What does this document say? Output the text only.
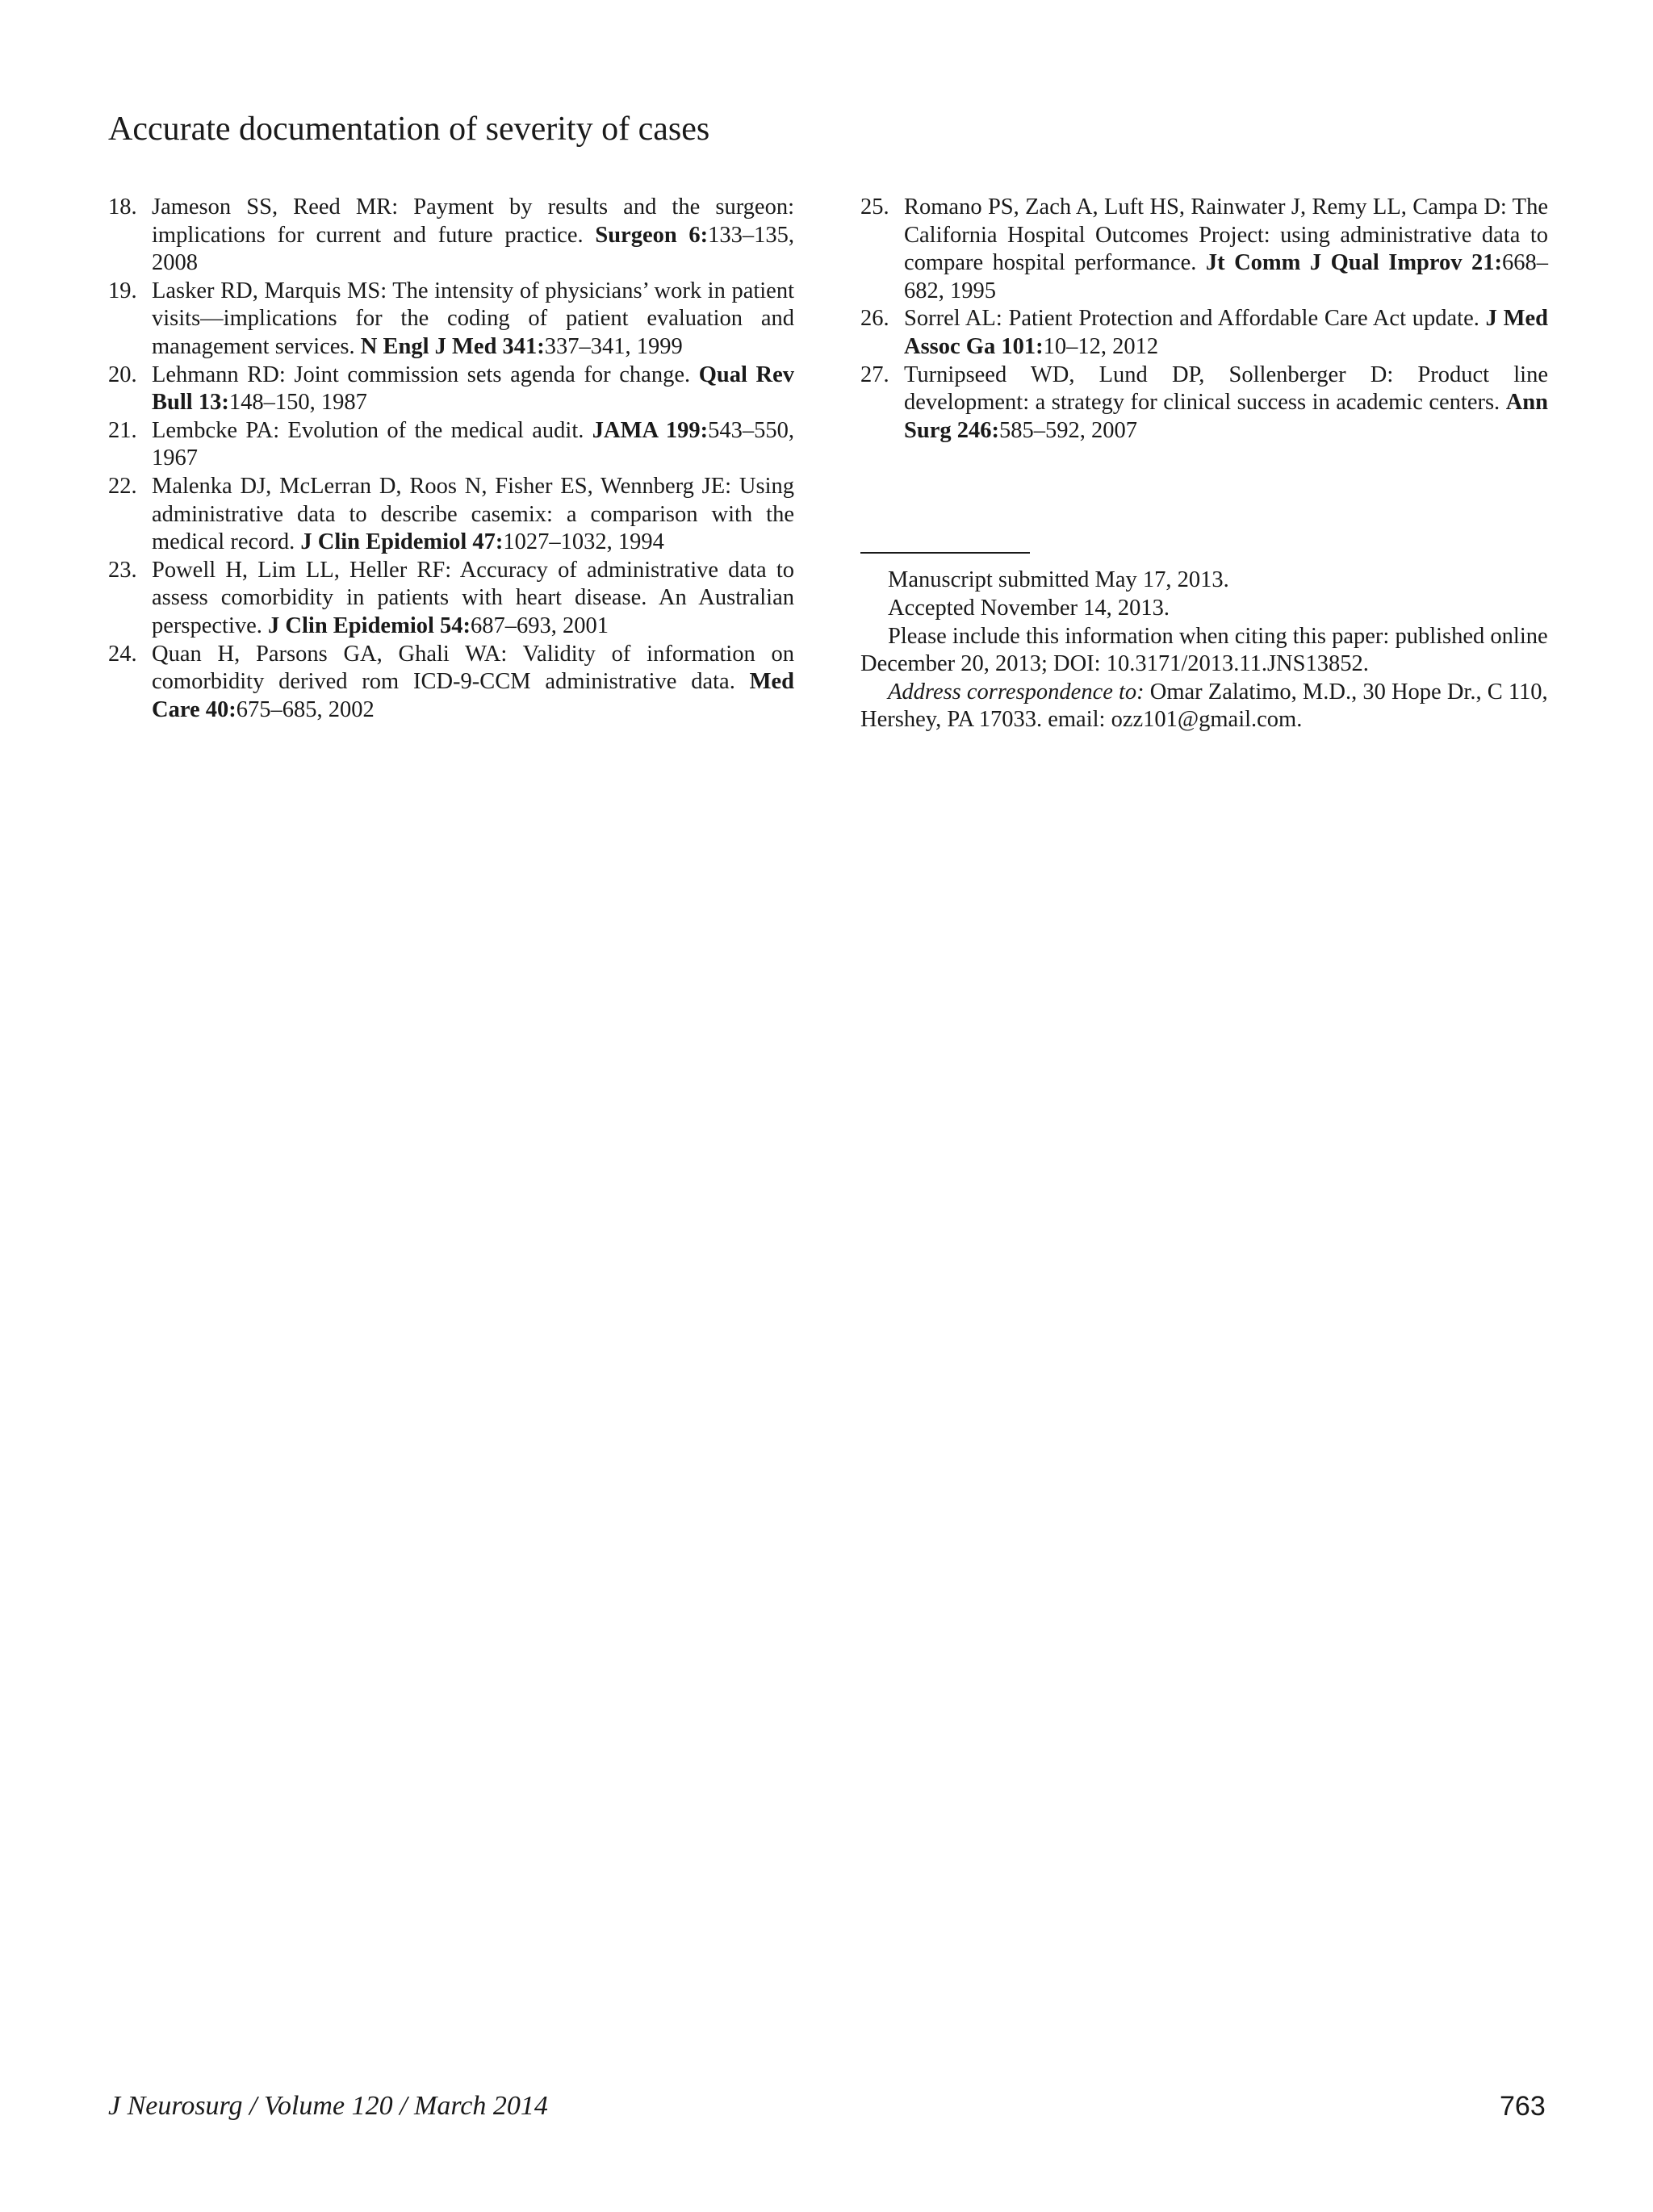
Accurate documentation of severity of cases

18. Jameson SS, Reed MR: Payment by results and the surgeon: implications for current and future practice. Surgeon 6:133–135, 2008

19. Lasker RD, Marquis MS: The intensity of physicians’ work in patient visits—implications for the coding of patient evaluation and management services. N Engl J Med 341:337–341, 1999

20. Lehmann RD: Joint commission sets agenda for change. Qual Rev Bull 13:148–150, 1987

21. Lembcke PA: Evolution of the medical audit. JAMA 199:543–550, 1967

22. Malenka DJ, McLerran D, Roos N, Fisher ES, Wennberg JE: Using administrative data to describe casemix: a comparison with the medical record. J Clin Epidemiol 47:1027–1032, 1994

23. Powell H, Lim LL, Heller RF: Accuracy of administrative data to assess comorbidity in patients with heart disease. An Australian perspective. J Clin Epidemiol 54:687–693, 2001

24. Quan H, Parsons GA, Ghali WA: Validity of information on comorbidity derived rom ICD-9-CCM administrative data. Med Care 40:675–685, 2002

25. Romano PS, Zach A, Luft HS, Rainwater J, Remy LL, Campa D: The California Hospital Outcomes Project: using administrative data to compare hospital performance. Jt Comm J Qual Improv 21:668–682, 1995

26. Sorrel AL: Patient Protection and Affordable Care Act update. J Med Assoc Ga 101:10–12, 2012

27. Turnipseed WD, Lund DP, Sollenberger D: Product line development: a strategy for clinical success in academic centers. Ann Surg 246:585–592, 2007

Manuscript submitted May 17, 2013.

Accepted November 14, 2013.

Please include this information when citing this paper: published online December 20, 2013; DOI: 10.3171/2013.11.JNS13852.

Address correspondence to: Omar Zalatimo, M.D., 30 Hope Dr., C 110, Hershey, PA 17033. email: ozz101@gmail.com.

J Neurosurg / Volume 120 / March 2014	763
